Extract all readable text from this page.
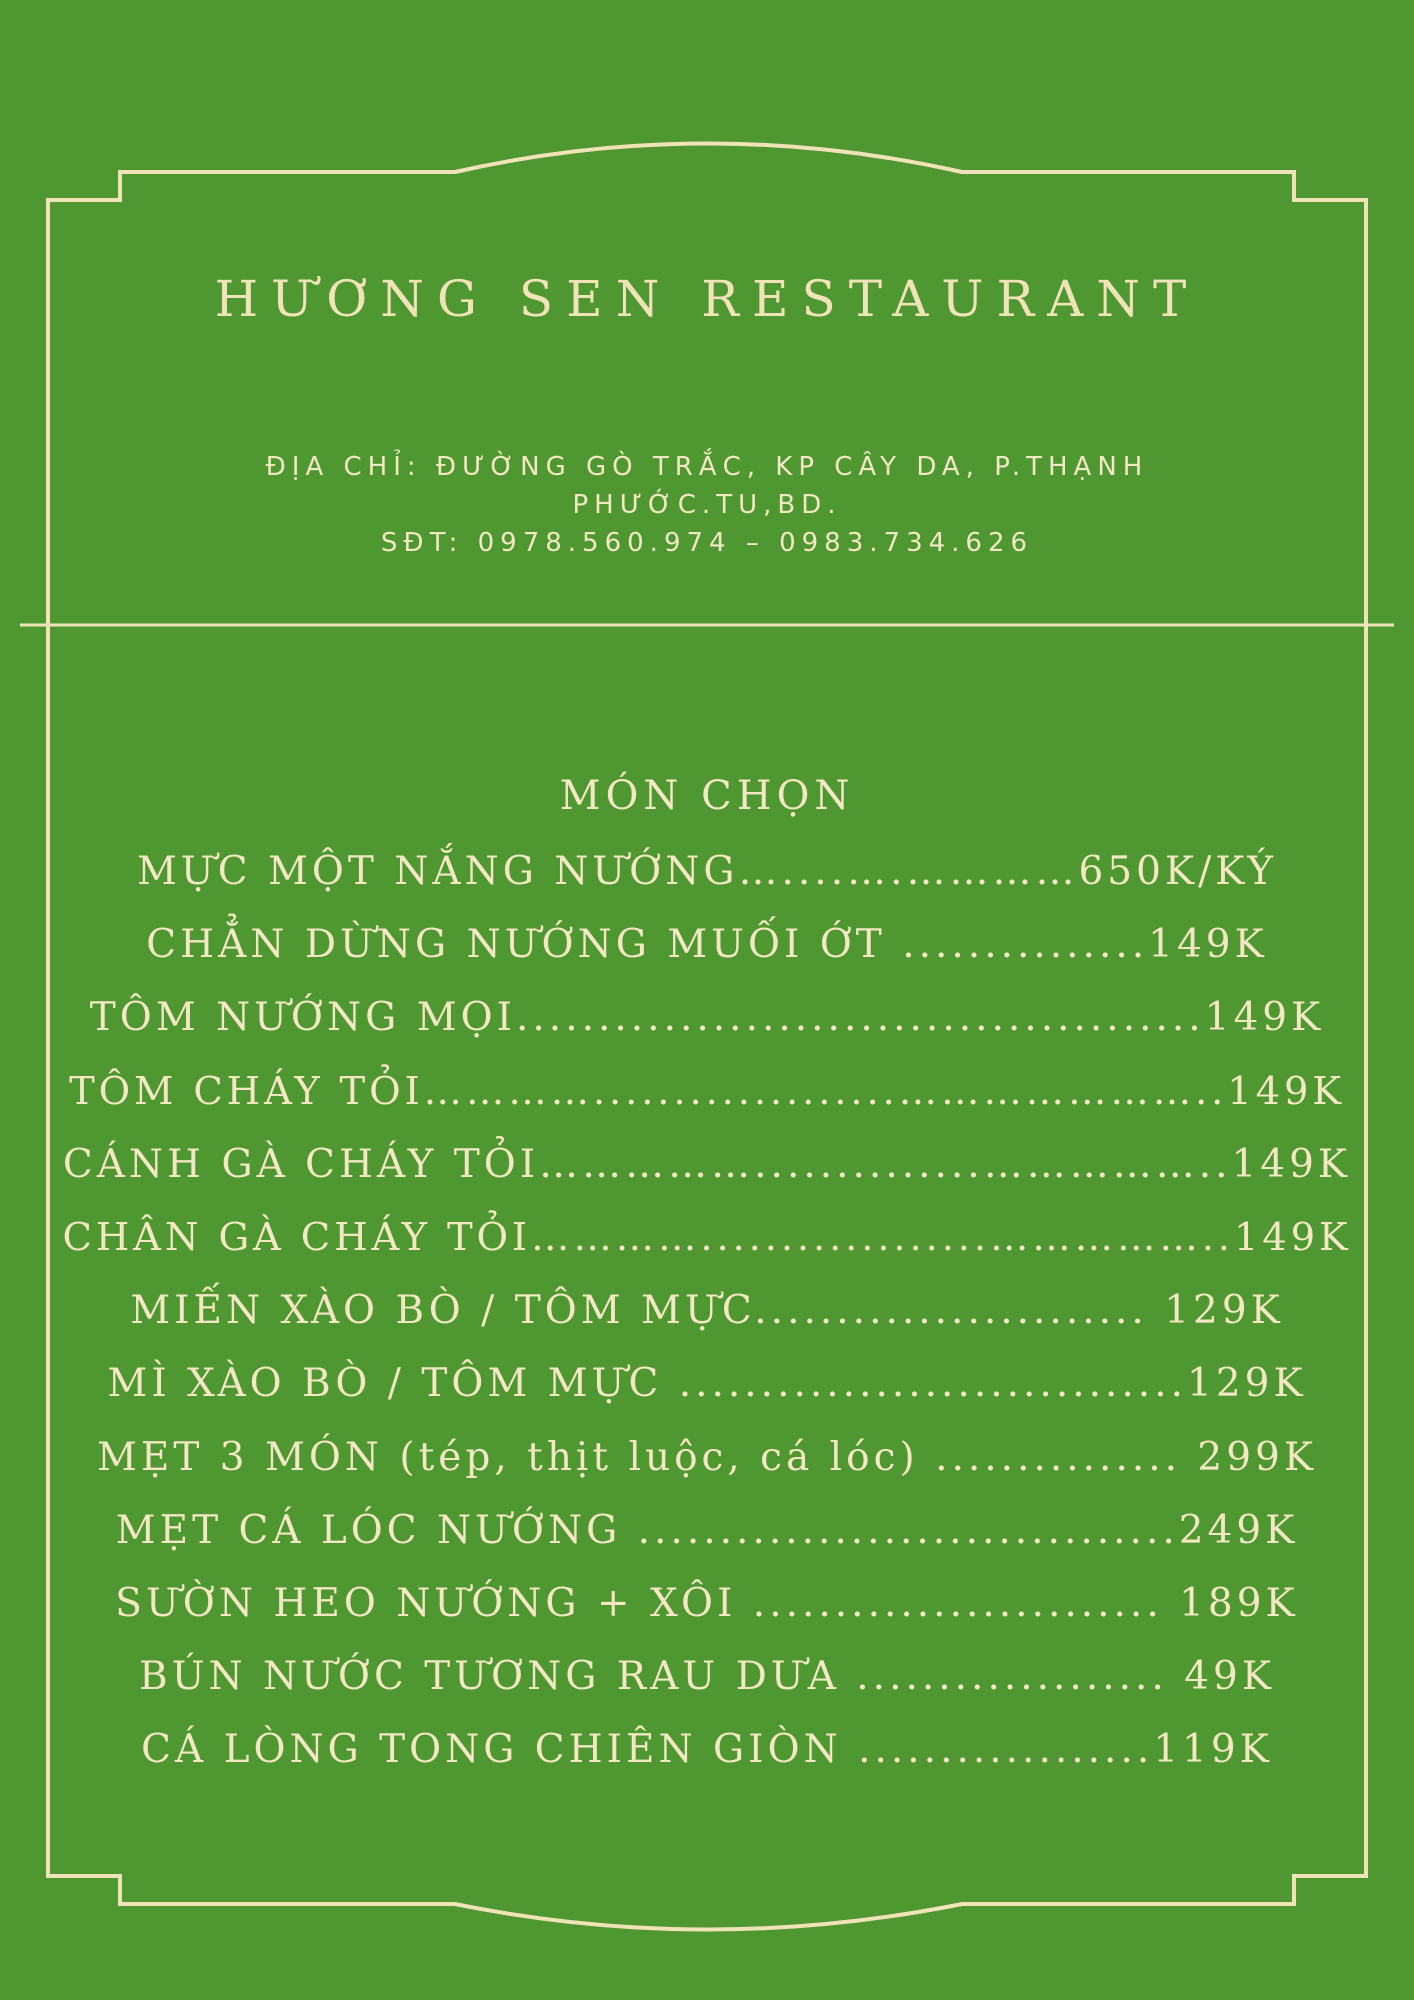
HƯƠNG SEN RESTAURANT
ĐỊA CHỈ: ĐƯỜNG GÒ TRẮC, KP CÂY DA, P.THẠNH PHƯỚC.TU,BD.
SĐT: 0978.560.974 – 0983.734.626
MÓN CHỌN
MỰC MỘT NẮNG NƯỚNG…....….…………650K/KÝ
CHẲN DỪNG NƯỚNG MUỐI ỚT ...............149K
TÔM NƯỚNG MỌI..........................................149K
TÔM CHÁY TỎI…………...................…………………..149K
CÁNH GÀ CHÁY TỎI……………..............……………..149K
CHÂN GÀ CHÁY TỎI…………..................……………..149K
MIẾN XÀO BÒ / TÔM MỰC........................ 129K
MÌ XÀO BÒ / TÔM MỰC ...............................129K
MẸT 3 MÓN (tép, thịt luộc, cá lóc) ............... 299K
MẸT CÁ LÓC NƯỚNG .................................249K
SƯỜN HEO NƯỚNG + XÔI ......................... 189K
BÚN NƯỚC TƯƠNG RAU DƯA ................... 49K
CÁ LÒNG TONG CHIÊN GIÒN ..................119K
